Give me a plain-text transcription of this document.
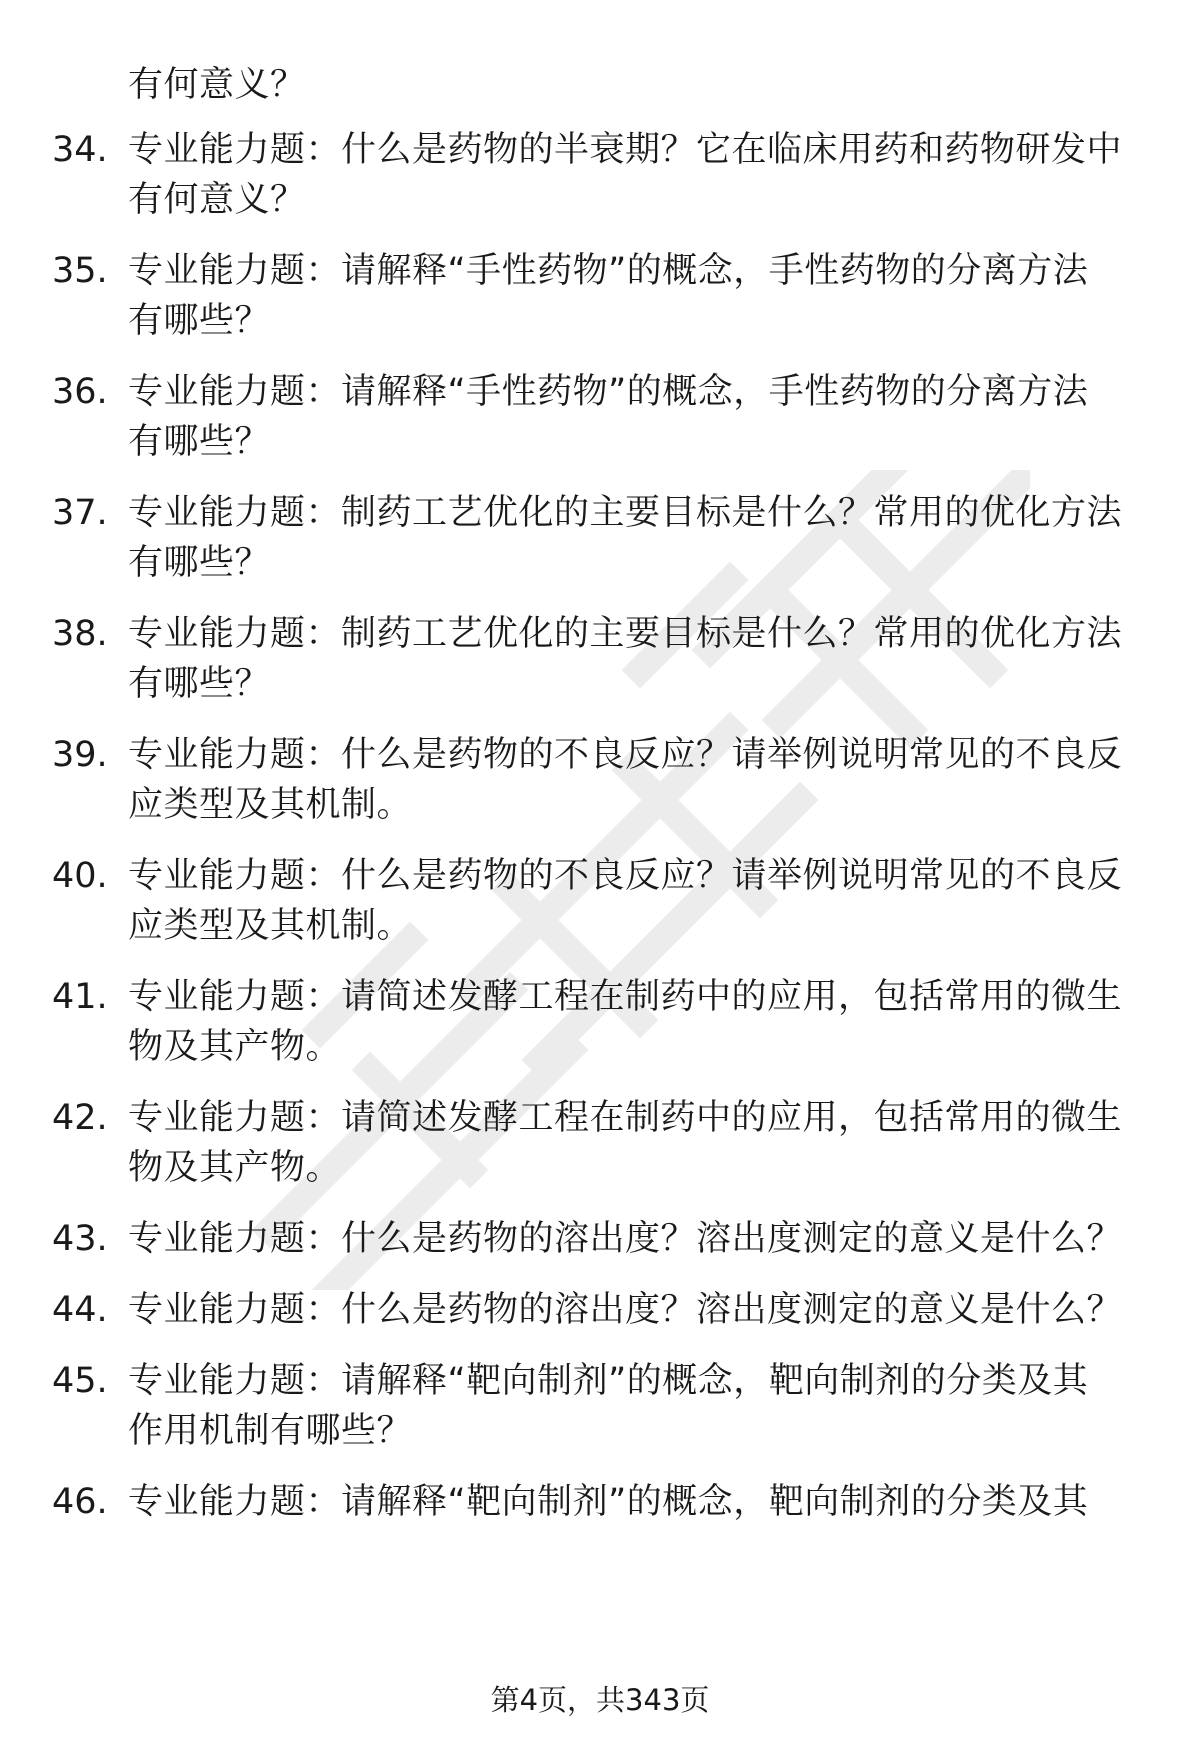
有何意义？
34. 专业能力题：什么是药物的半衰期？它在临床用药和药物研发中
有何意义？
35. 专业能力题：请解释“手性药物”的概念，手性药物的分离方法
有哪些？
36. 专业能力题：请解释“手性药物”的概念，手性药物的分离方法
有哪些？
37. 专业能力题：制药工艺优化的主要目标是什么？常用的优化方法
有哪些？
38. 专业能力题：制药工艺优化的主要目标是什么？常用的优化方法
有哪些？
39. 专业能力题：什么是药物的不良反应？请举例说明常见的不良反
应类型及其机制。
40. 专业能力题：什么是药物的不良反应？请举例说明常见的不良反
应类型及其机制。
41. 专业能力题：请简述发酵工程在制药中的应用，包括常用的微生
物及其产物。
42. 专业能力题：请简述发酵工程在制药中的应用，包括常用的微生
物及其产物。
43. 专业能力题：什么是药物的溶出度？溶出度测定的意义是什么？
44. 专业能力题：什么是药物的溶出度？溶出度测定的意义是什么？
45. 专业能力题：请解释“靶向制剂”的概念，靶向制剂的分类及其
作用机制有哪些？
46. 专业能力题：请解释“靶向制剂”的概念，靶向制剂的分类及其
第4页，共343页
